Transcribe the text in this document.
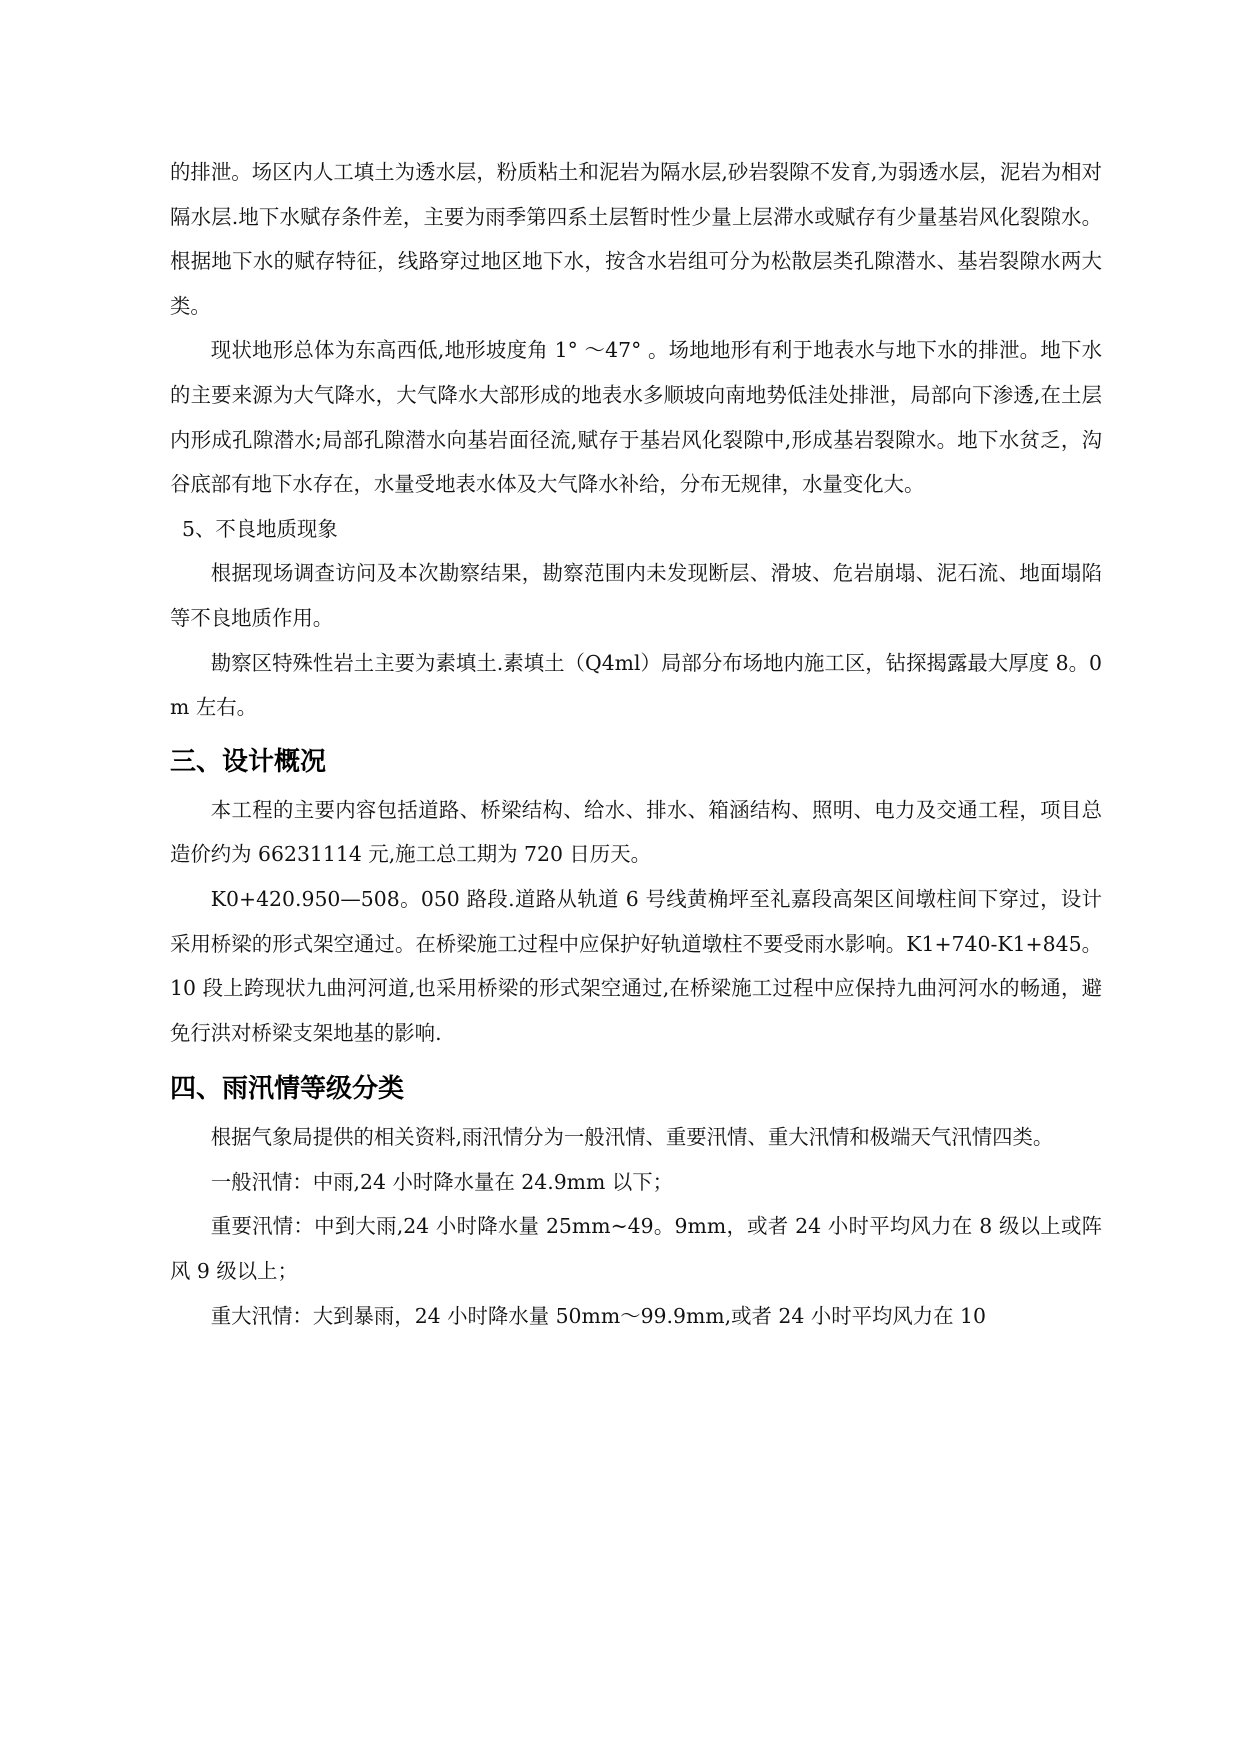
的排泄。场区内人工填土为透水层，粉质粘土和泥岩为隔水层,砂岩裂隙不发育,为弱透水层，泥岩为相对隔水层.地下水赋存条件差，主要为雨季第四系土层暂时性少量上层滞水或赋存有少量基岩风化裂隙水。根据地下水的赋存特征，线路穿过地区地下水，按含水岩组可分为松散层类孔隙潜水、基岩裂隙水两大类。

现状地形总体为东高西低,地形坡度角 1° ～47° 。场地地形有利于地表水与地下水的排泄。地下水的主要来源为大气降水，大气降水大部形成的地表水多顺坡向南地势低洼处排泄，局部向下渗透,在土层内形成孔隙潜水;局部孔隙潜水向基岩面径流,赋存于基岩风化裂隙中,形成基岩裂隙水。地下水贫乏，沟谷底部有地下水存在，水量受地表水体及大气降水补给，分布无规律，水量变化大。

5、不良地质现象

根据现场调查访问及本次勘察结果，勘察范围内未发现断层、滑坡、危岩崩塌、泥石流、地面塌陷等不良地质作用。

勘察区特殊性岩土主要为素填土.素填土（Q4ml）局部分布场地内施工区，钻探揭露最大厚度 8。0m 左右。

三、设计概况

本工程的主要内容包括道路、桥梁结构、给水、排水、箱涵结构、照明、电力及交通工程，项目总造价约为 66231114 元,施工总工期为 720 日历天。

K0+420.950—508。050 路段.道路从轨道 6 号线黄桷坪至礼嘉段高架区间墩柱间下穿过，设计采用桥梁的形式架空通过。在桥梁施工过程中应保护好轨道墩柱不要受雨水影响。K1+740-K1+845。10 段上跨现状九曲河河道,也采用桥梁的形式架空通过,在桥梁施工过程中应保持九曲河河水的畅通，避免行洪对桥梁支架地基的影响.

四、雨汛情等级分类

根据气象局提供的相关资料,雨汛情分为一般汛情、重要汛情、重大汛情和极端天气汛情四类。

一般汛情：中雨,24 小时降水量在 24.9mm 以下；

重要汛情：中到大雨,24 小时降水量 25mm~49。9mm，或者 24 小时平均风力在 8 级以上或阵风 9 级以上；

重大汛情：大到暴雨，24 小时降水量 50mm～99.9mm,或者 24 小时平均风力在 10
